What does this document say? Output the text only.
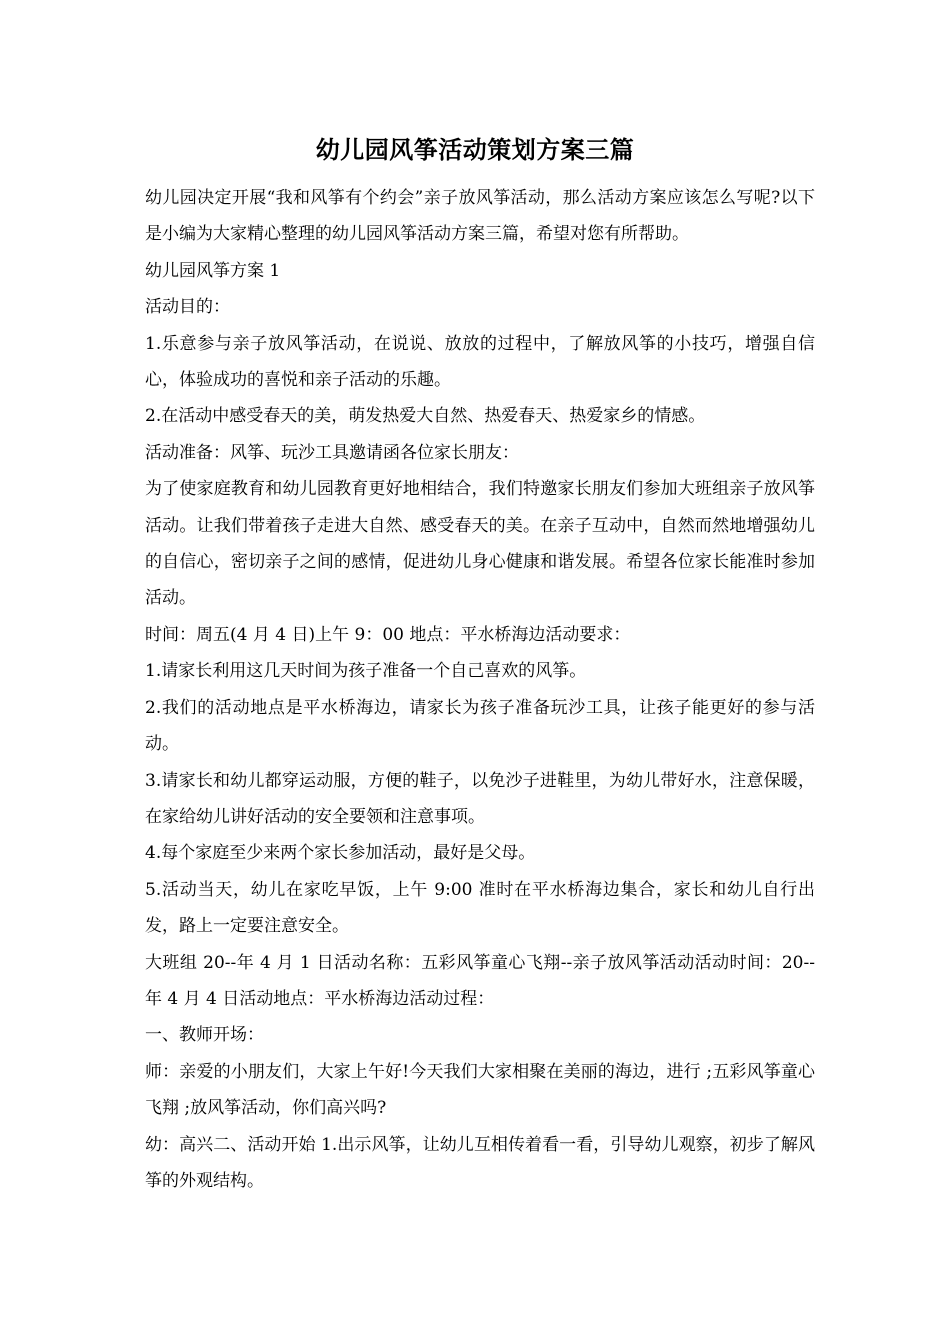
幼儿园风筝活动策划方案三篇

幼儿园决定开展“我和风筝有个约会”亲子放风筝活动，那么活动方案应该怎么写呢?以下是小编为大家精心整理的幼儿园风筝活动方案三篇，希望对您有所帮助。

幼儿园风筝方案 1

活动目的：

1.乐意参与亲子放风筝活动，在说说、放放的过程中，了解放风筝的小技巧，增强自信心，体验成功的喜悦和亲子活动的乐趣。

2.在活动中感受春天的美，萌发热爱大自然、热爱春天、热爱家乡的情感。

活动准备：风筝、玩沙工具邀请函各位家长朋友：

为了使家庭教育和幼儿园教育更好地相结合，我们特邀家长朋友们参加大班组亲子放风筝活动。让我们带着孩子走进大自然、感受春天的美。在亲子互动中，自然而然地增强幼儿的自信心，密切亲子之间的感情，促进幼儿身心健康和谐发展。希望各位家长能准时参加活动。

时间：周五(4 月 4 日)上午 9：00 地点：平水桥海边活动要求：

1.请家长利用这几天时间为孩子准备一个自己喜欢的风筝。

2.我们的活动地点是平水桥海边，请家长为孩子准备玩沙工具，让孩子能更好的参与活动。

3.请家长和幼儿都穿运动服，方便的鞋子，以免沙子进鞋里，为幼儿带好水，注意保暖，在家给幼儿讲好活动的安全要领和注意事项。

4.每个家庭至少来两个家长参加活动，最好是父母。

5.活动当天，幼儿在家吃早饭，上午 9:00 准时在平水桥海边集合，家长和幼儿自行出发，路上一定要注意安全。

大班组 20--年 4 月 1 日活动名称：五彩风筝童心飞翔--亲子放风筝活动活动时间：20--年 4 月 4 日活动地点：平水桥海边活动过程：

一、教师开场：

师：亲爱的小朋友们，大家上午好!今天我们大家相聚在美丽的海边，进行 ;五彩风筝童心飞翔 ;放风筝活动，你们高兴吗?

幼：高兴二、活动开始 1.出示风筝，让幼儿互相传着看一看，引导幼儿观察，初步了解风筝的外观结构。
